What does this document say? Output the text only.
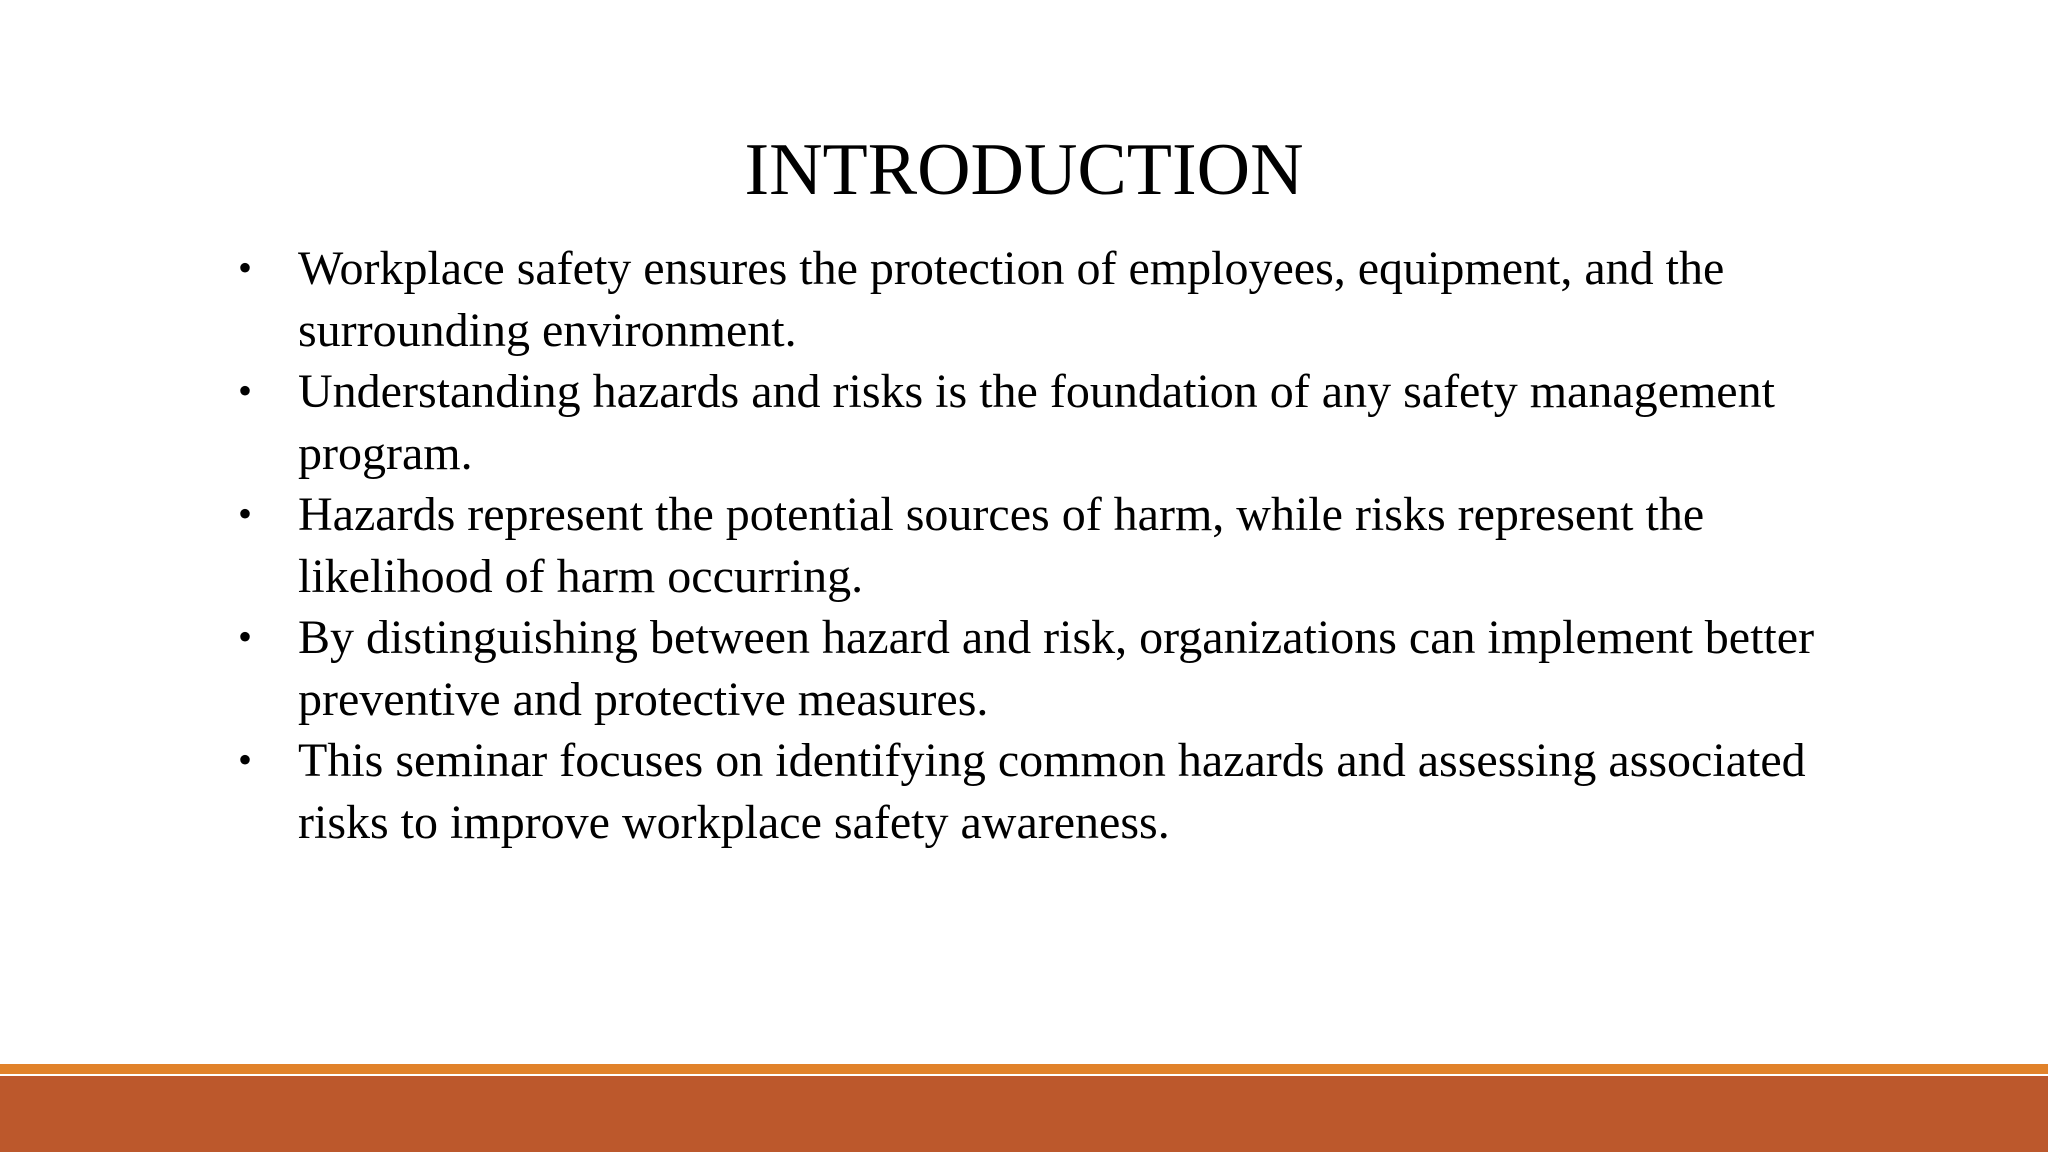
INTRODUCTION
• Workplace safety ensures the protection of employees, equipment, and the surrounding environment.
• Understanding hazards and risks is the foundation of any safety management program.
• Hazards represent the potential sources of harm, while risks represent the likelihood of harm occurring.
• By distinguishing between hazard and risk, organizations can implement better preventive and protective measures.
• This seminar focuses on identifying common hazards and assessing associated risks to improve workplace safety awareness.
